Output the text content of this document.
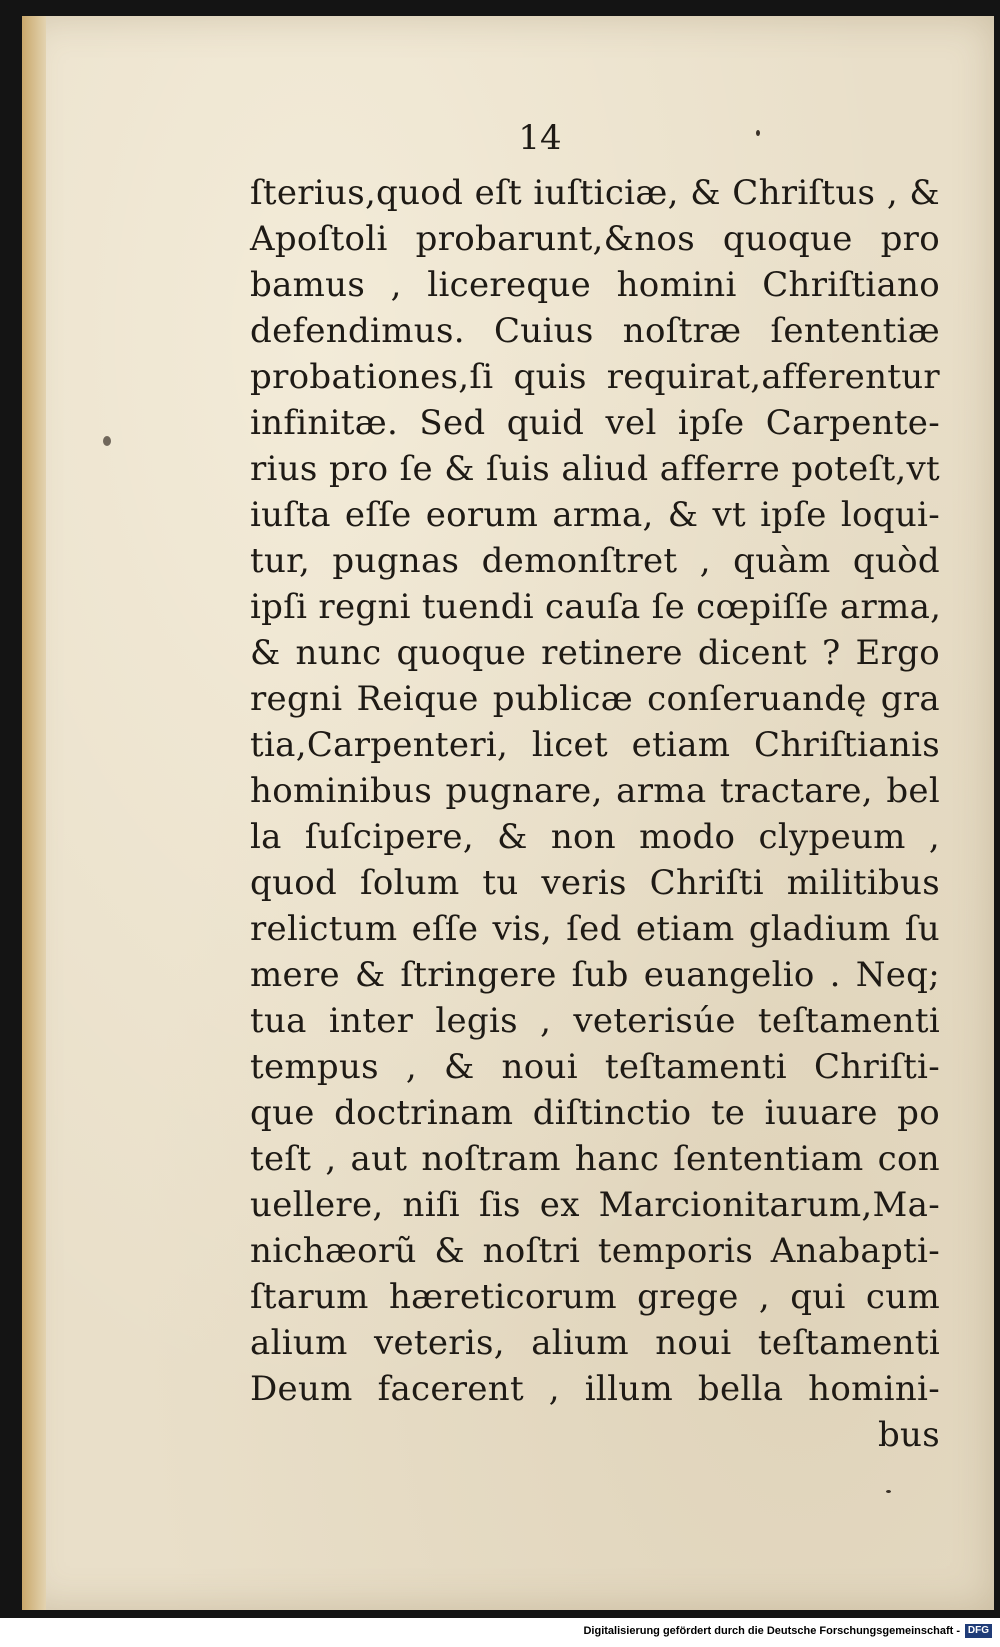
14
ſterius,quod eſt iuſticiæ, & Chriſtus , &
Apoſtoli probarunt,&nos quoque pro
bamus , licereque homini Chriſtiano
defendimus. Cuius noſtræ ſententiæ
probationes,ſi quis requirat,afferentur
infinitæ. Sed quid vel ipſe Carpente-
rius pro ſe & ſuis aliud afferre poteſt,vt
iuſta eſſe eorum arma, & vt ipſe loqui-
tur, pugnas demonſtret , quàm quòd
ipſi regni tuendi cauſa ſe cœpiſſe arma,
& nunc quoque retinere dicent ? Ergo
regni Reique publicæ conſeruandę gra
tia,Carpenteri, licet etiam Chriſtianis
hominibus pugnare, arma tractare, bel
la ſuſcipere, & non modo clypeum ,
quod ſolum tu veris Chriſti militibus
relictum eſſe vis, ſed etiam gladium ſu
mere & ſtringere ſub euangelio . Neq;
tua inter legis , veterisúe teſtamenti
tempus , & noui teſtamenti Chriſti-
que doctrinam diſtinctio te iuuare po
teſt , aut noſtram hanc ſententiam con
uellere, niſi ſis ex Marcionitarum,Ma-
nichæorũ & noſtri temporis Anabapti-
ſtarum hæreticorum grege , qui cum
alium veteris, alium noui teſtamenti
Deum facerent , illum bella homini-
bus
Digitalisierung gefördert durch die Deutsche Forschungsgemeinschaft - DFG
